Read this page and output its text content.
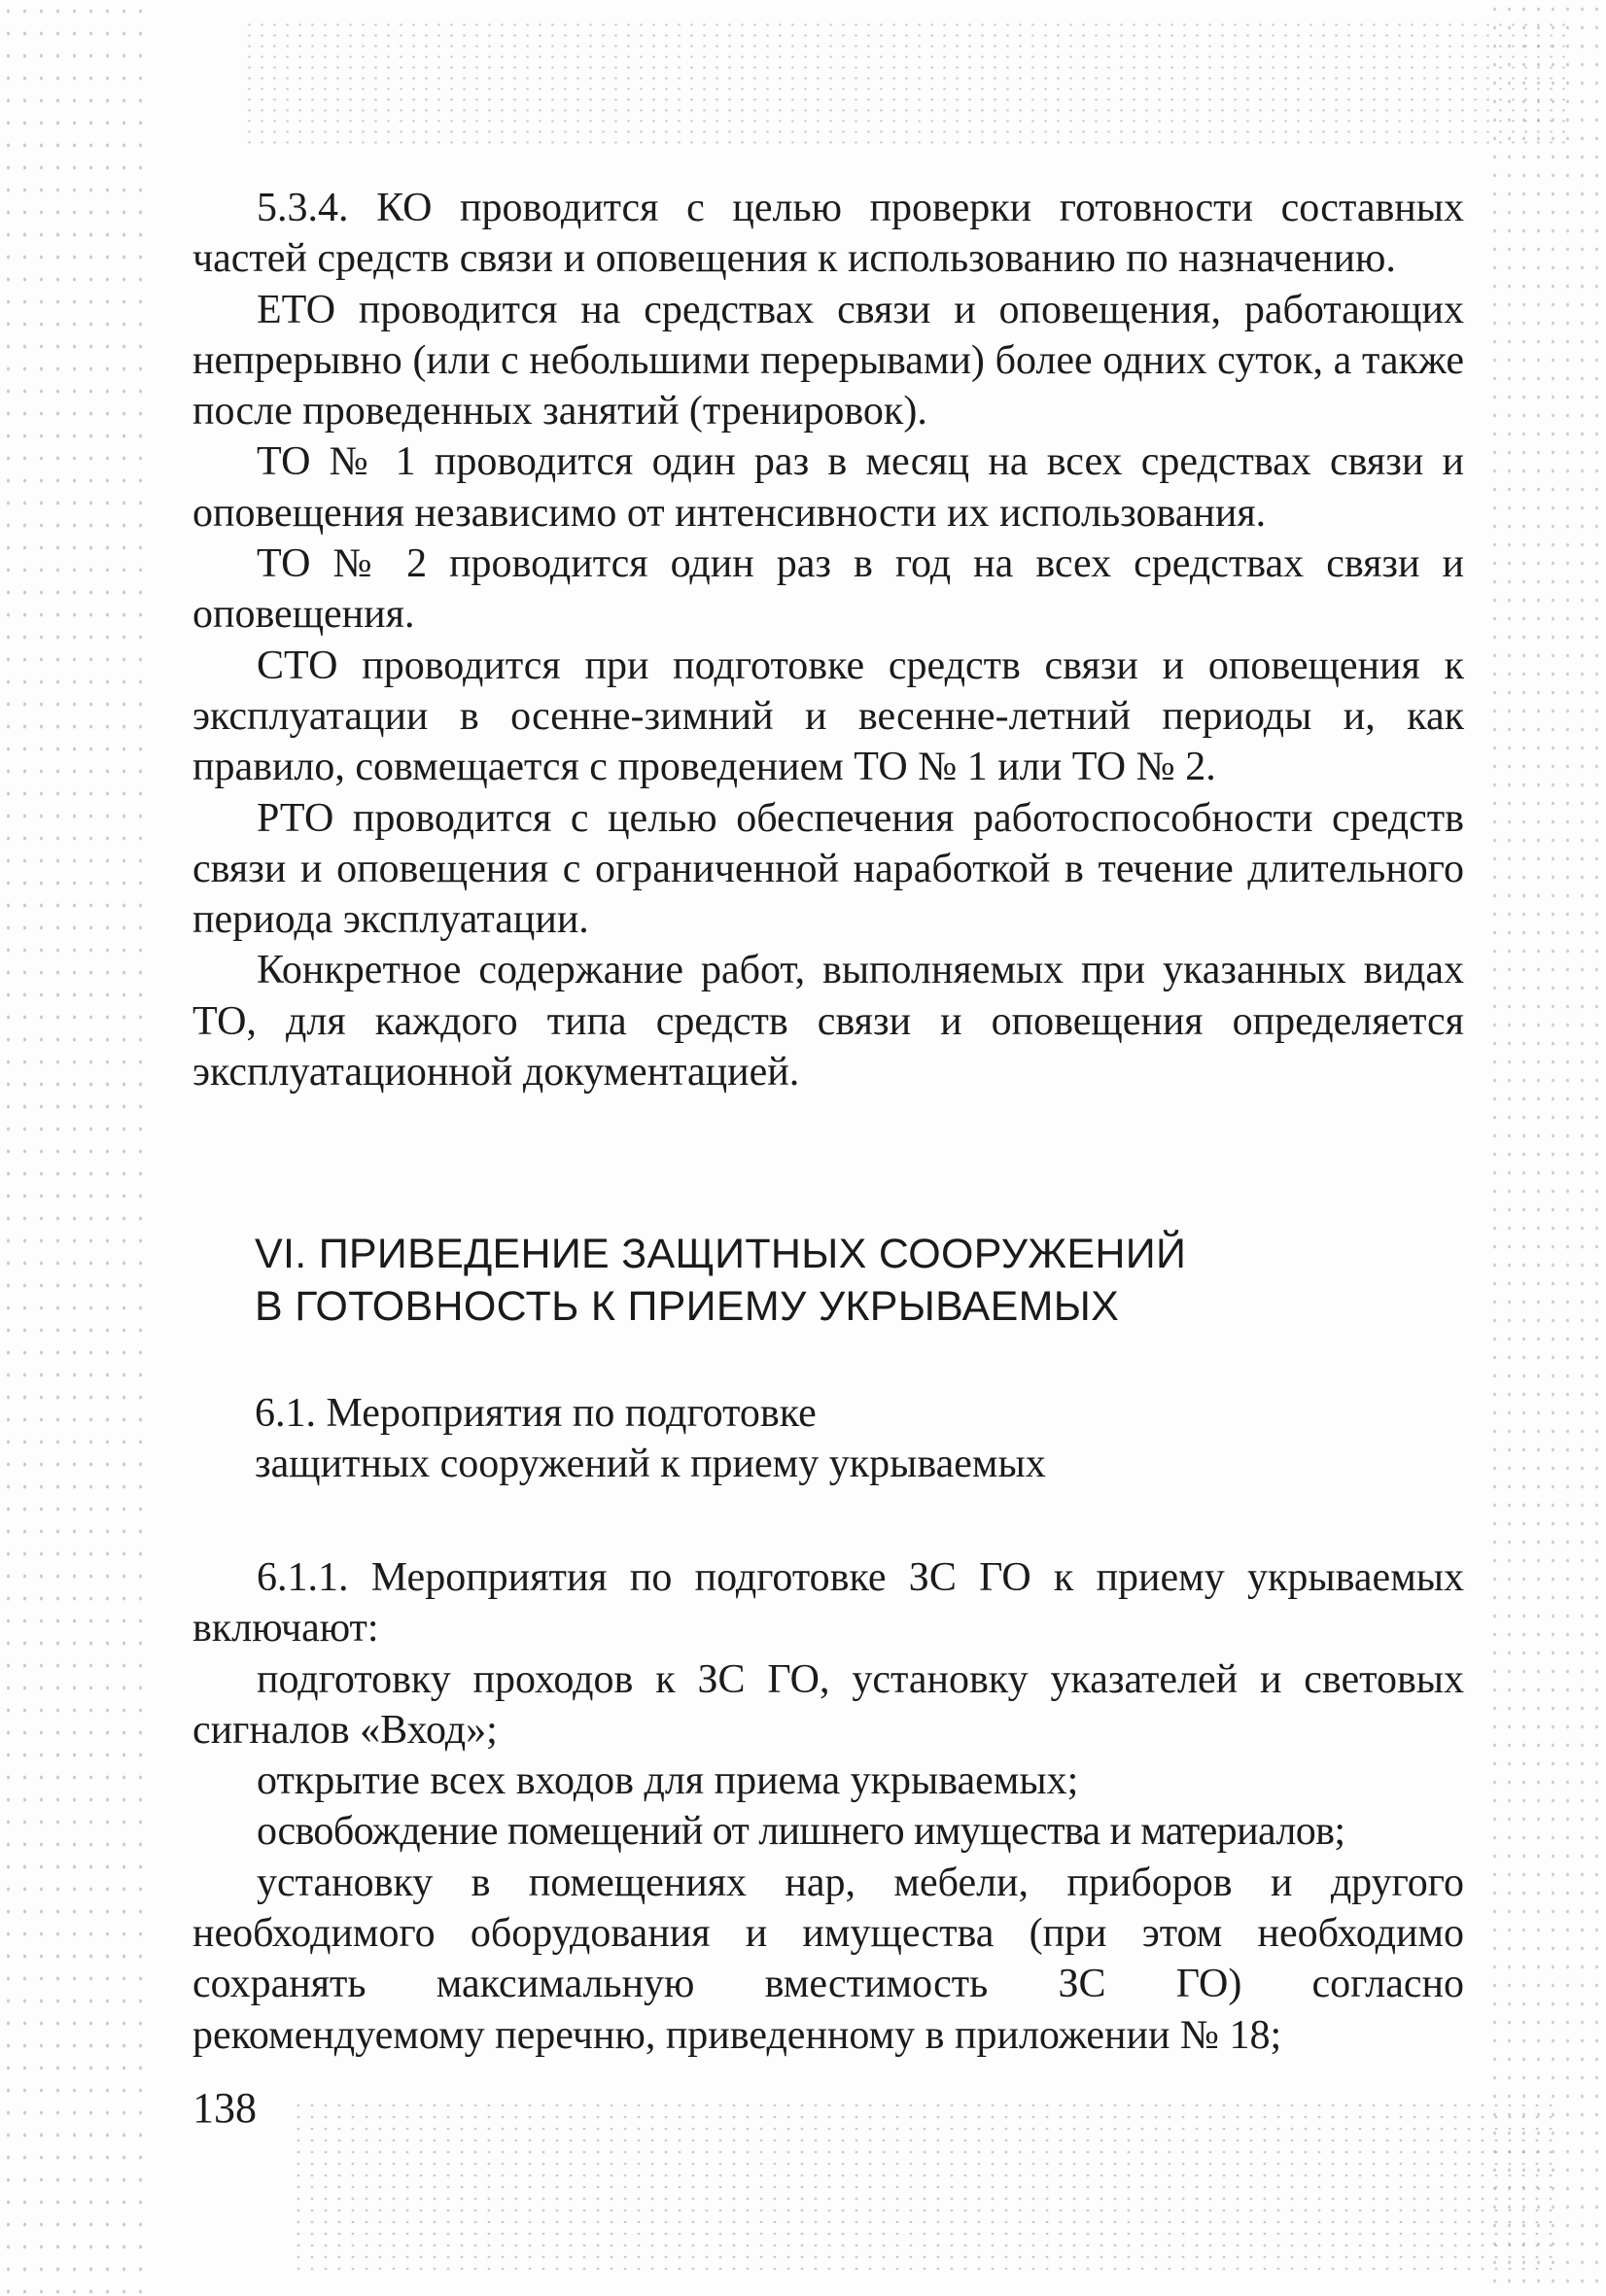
5.3.4. КО проводится с целью проверки готовности составных частей средств связи и оповещения к использованию по назначению.

ЕТО проводится на средствах связи и оповещения, работающих непрерывно (или с небольшими перерывами) более одних суток, а также после проведенных занятий (тренировок).

ТО № 1 проводится один раз в месяц на всех средствах связи и оповещения независимо от интенсивности их использования.

ТО № 2 проводится один раз в год на всех средствах связи и оповещения.

СТО проводится при подготовке средств связи и оповещения к эксплуатации в осенне-зимний и весенне-летний периоды и, как правило, совмещается с проведением ТО № 1 или ТО № 2.

РТО проводится с целью обеспечения работоспособности средств связи и оповещения с ограниченной наработкой в течение длительного периода эксплуатации.

Конкретное содержание работ, выполняемых при указанных видах ТО, для каждого типа средств связи и оповещения определяется эксплуатационной документацией.

VI. ПРИВЕДЕНИЕ ЗАЩИТНЫХ СООРУЖЕНИЙ
В ГОТОВНОСТЬ К ПРИЕМУ УКРЫВАЕМЫХ
6.1. Мероприятия по подготовке
защитных сооружений к приему укрываемых

6.1.1. Мероприятия по подготовке ЗС ГО к приему укрываемых включают:

подготовку проходов к ЗС ГО, установку указателей и световых сигналов «Вход»;

открытие всех входов для приема укрываемых;

освобождение помещений от лишнего имущества и материалов;

установку в помещениях нар, мебели, приборов и другого необходимого оборудования и имущества (при этом необходимо сохранять максимальную вместимость ЗС ГО) согласно рекомендуемому перечню, приведенному в приложении № 18;

138
